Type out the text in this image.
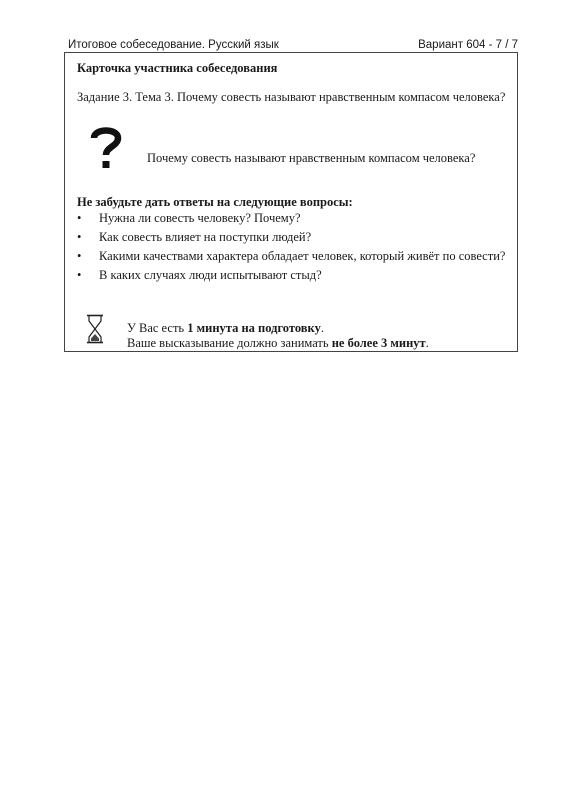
Итоговое собеседование. Русский язык	Вариант 604 - 7 / 7
Карточка участника собеседования
Задание 3. Тема 3. Почему совесть называют нравственным компасом человека?
Почему совесть называют нравственным компасом человека?
Не забудьте дать ответы на следующие вопросы:
• Нужна ли совесть человеку? Почему?
• Как совесть влияет на поступки людей?
• Какими качествами характера обладает человек, который живёт по совести?
• В каких случаях люди испытывают стыд?
У Вас есть 1 минута на подготовку.
Ваше высказывание должно занимать не более 3 минут.
